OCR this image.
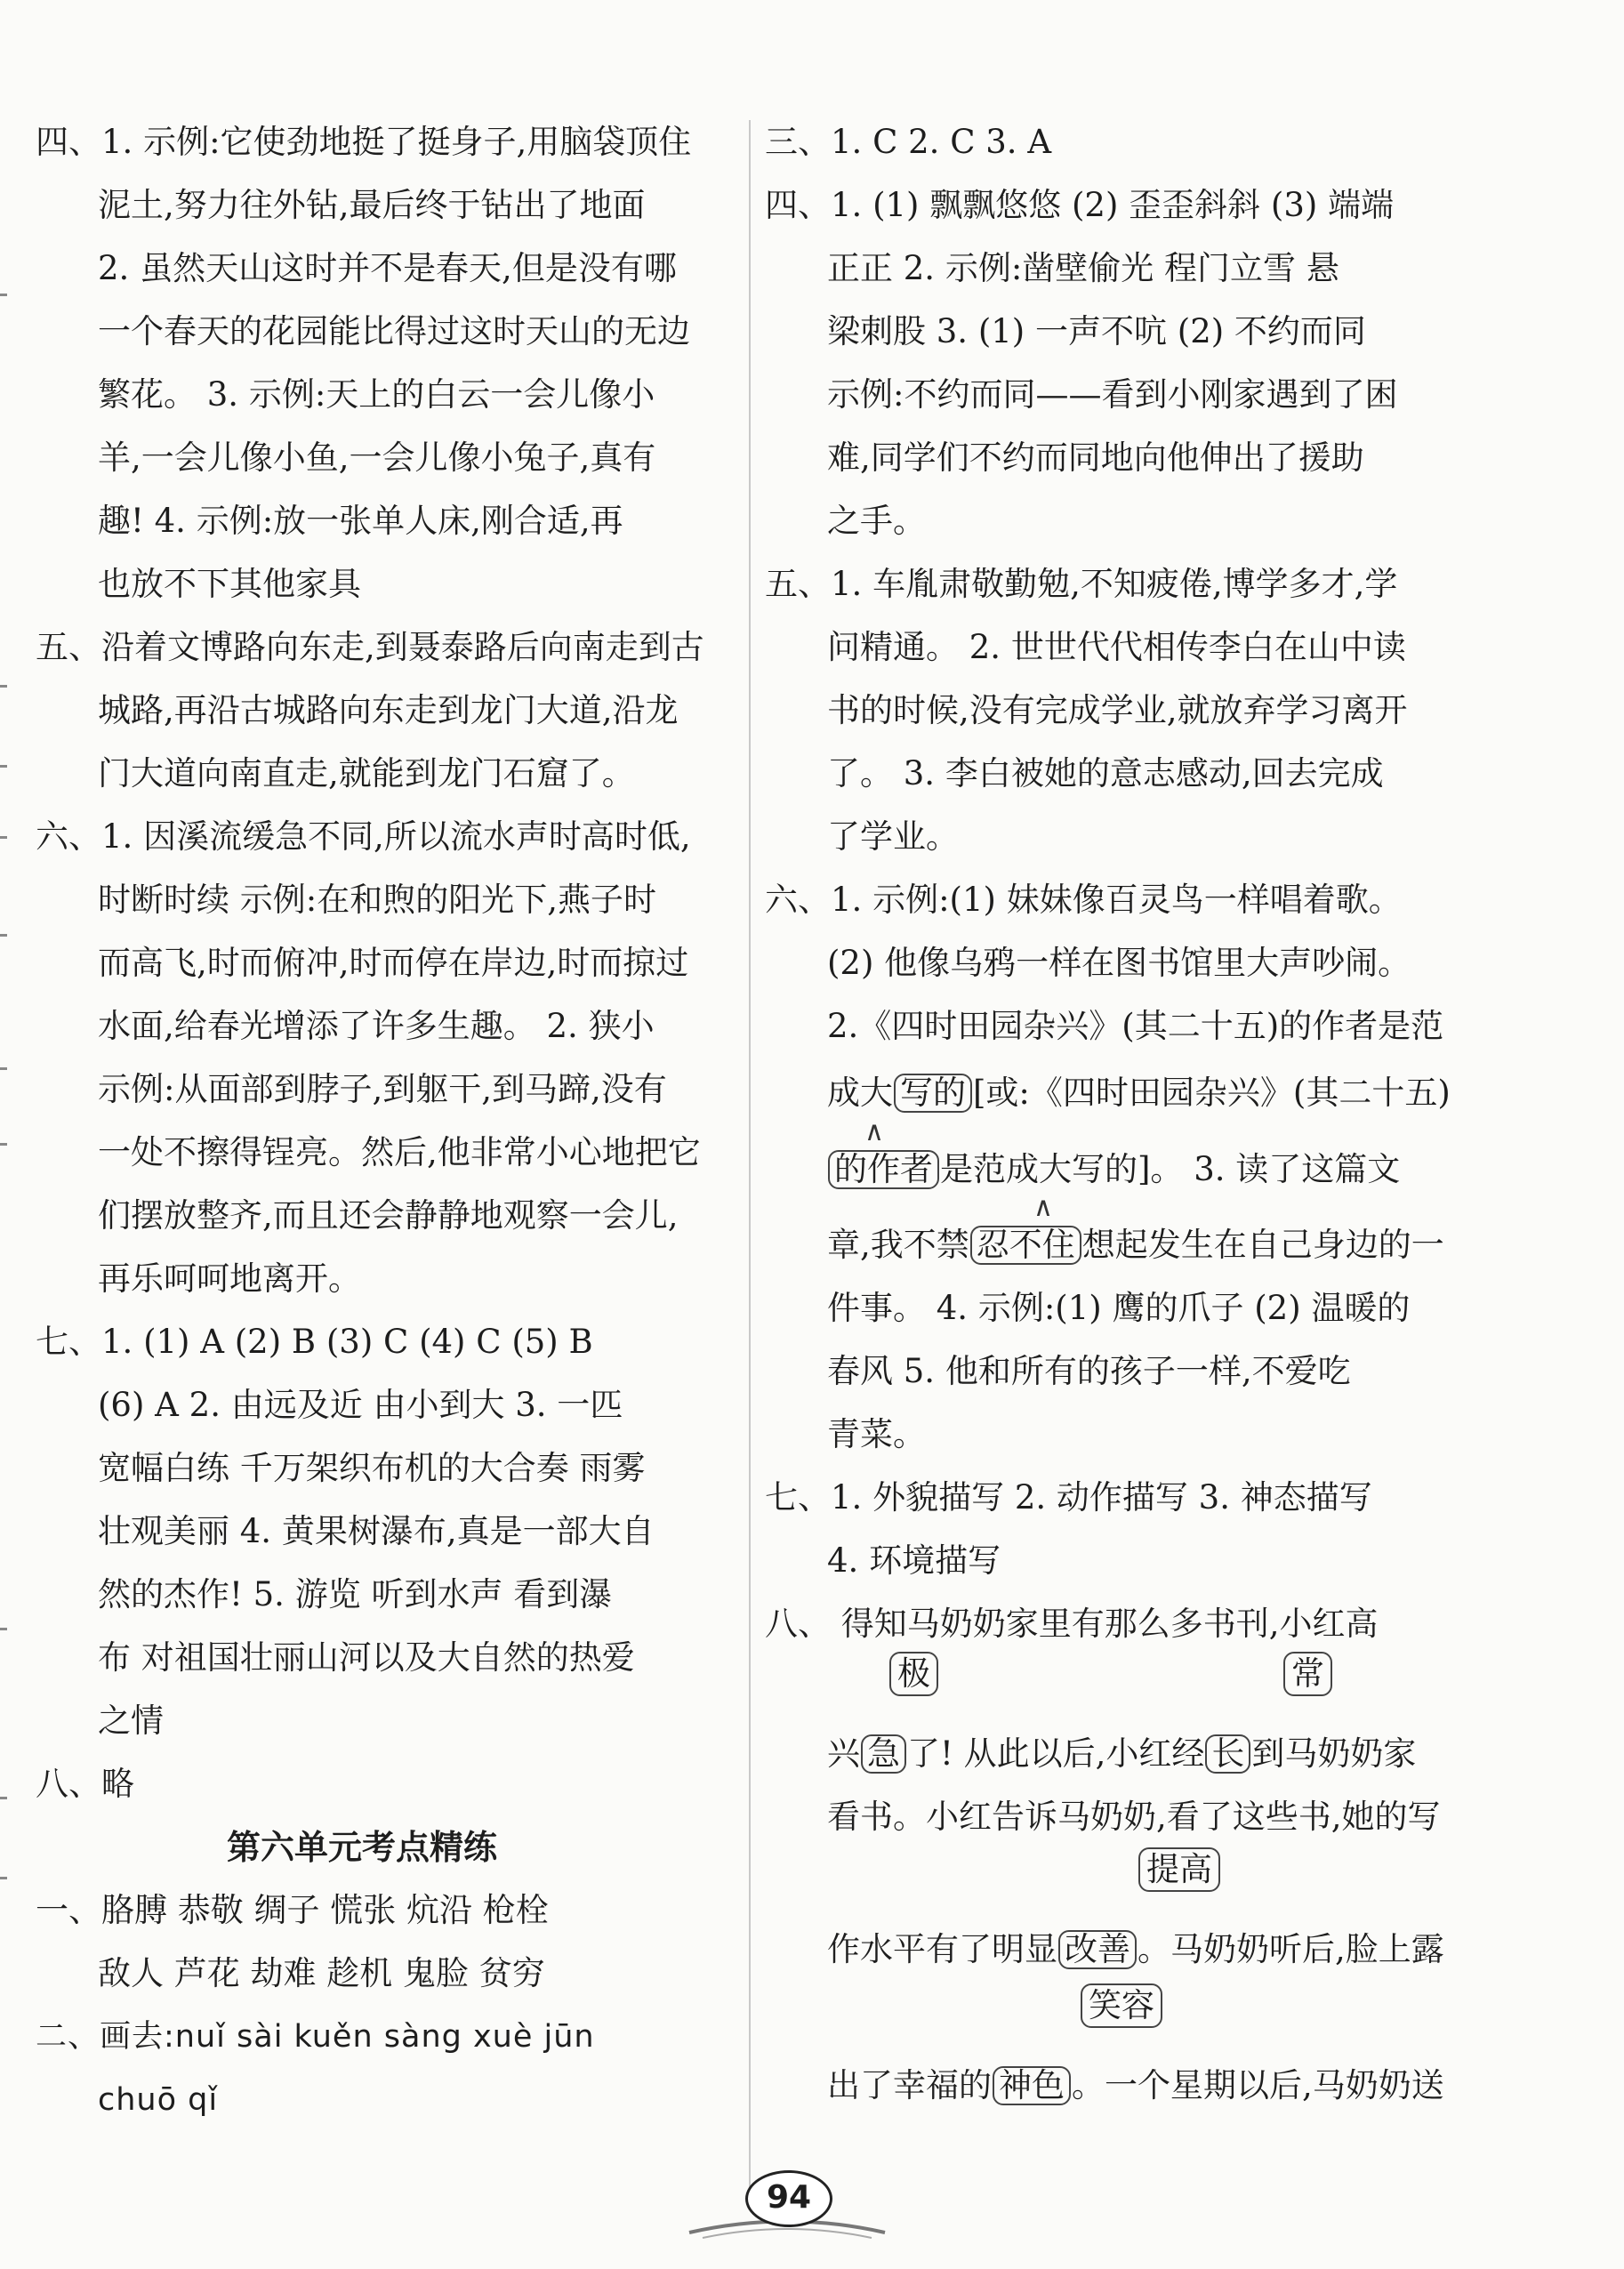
四、1. 示例:它使劲地挺了挺身子,用脑袋顶住
泥土,努力往外钻,最后终于钻出了地面
2. 虽然天山这时并不是春天,但是没有哪
一个春天的花园能比得过这时天山的无边
繁花。 3. 示例:天上的白云一会儿像小
羊,一会儿像小鱼,一会儿像小兔子,真有
趣! 4. 示例:放一张单人床,刚合适,再
也放不下其他家具
五、沿着文博路向东走,到聂泰路后向南走到古
城路,再沿古城路向东走到龙门大道,沿龙
门大道向南直走,就能到龙门石窟了。
六、1. 因溪流缓急不同,所以流水声时高时低,
时断时续 示例:在和煦的阳光下,燕子时
而高飞,时而俯冲,时而停在岸边,时而掠过
水面,给春光增添了许多生趣。 2. 狭小
示例:从面部到脖子,到躯干,到马蹄,没有
一处不擦得锃亮。然后,他非常小心地把它
们摆放整齐,而且还会静静地观察一会儿,
再乐呵呵地离开。
七、1. (1) A (2) B (3) C (4) C (5) B
(6) A 2. 由远及近 由小到大 3. 一匹
宽幅白练 千万架织布机的大合奏 雨雾
壮观美丽 4. 黄果树瀑布,真是一部大自
然的杰作! 5. 游览 听到水声 看到瀑
布 对祖国壮丽山河以及大自然的热爱
之情
八、略
第六单元考点精练
一、胳膊 恭敬 绸子 慌张 炕沿 枪栓
敌人 芦花 劫难 趁机 鬼脸 贫穷
二、画去:nuǐ sài kuěn sàng xuè jūn
chuō qǐ
三、1. C 2. C 3. A
四、1. (1) 飘飘悠悠 (2) 歪歪斜斜 (3) 端端
正正 2. 示例:凿壁偷光 程门立雪 悬
梁刺股 3. (1) 一声不吭 (2) 不约而同
示例:不约而同——看到小刚家遇到了困
难,同学们不约而同地向他伸出了援助
之手。
五、1. 车胤肃敬勤勉,不知疲倦,博学多才,学
问精通。 2. 世世代代相传李白在山中读
书的时候,没有完成学业,就放弃学习离开
了。 3. 李白被她的意志感动,回去完成
了学业。
六、1. 示例:(1) 妹妹像百灵鸟一样唱着歌。
(2) 他像乌鸦一样在图书馆里大声吵闹。
2.《四时田园杂兴》(其二十五)的作者是范
成大 写的 [或:《四时田园杂兴》(其二十五)
∧
的作者 是范成大写的]。 3. 读了这篇文
∧
章,我不禁 忍不住 想起发生在自己身边的一
件事。 4. 示例:(1) 鹰的爪子 (2) 温暖的
春风 5. 他和所有的孩子一样,不爱吃
青菜。
七、1. 外貌描写 2. 动作描写 3. 神态描写
4. 环境描写
八、 得知马奶奶家里有那么多书刊,小红高
极	常
兴 急 了! 从此以后,小红经 长 到马奶奶家
看书。小红告诉马奶奶,看了这些书,她的写
提高
作水平有了明显 改善 。马奶奶听后,脸上露
笑容
出了幸福的 神色 。一个星期以后,马奶奶送
94
